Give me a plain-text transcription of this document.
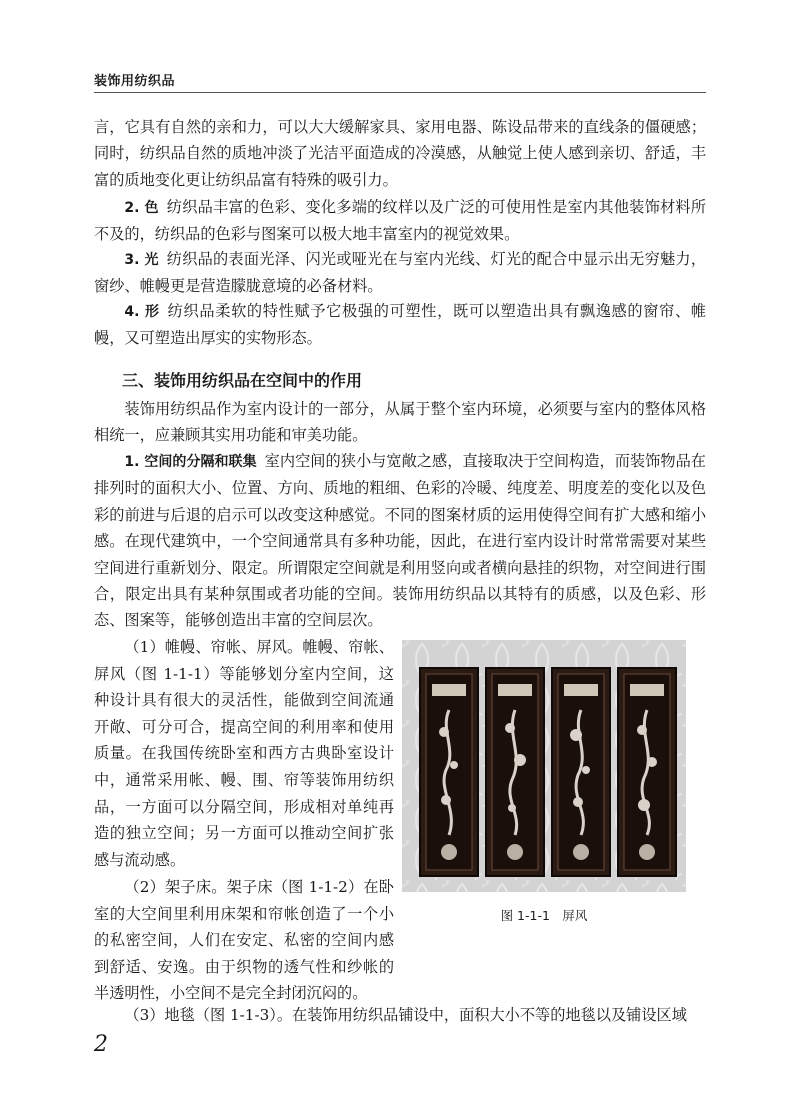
装饰用纺织品

言，它具有自然的亲和力，可以大大缓解家具、家用电器、陈设品带来的直线条的僵硬感；同时，纺织品自然的质地冲淡了光洁平面造成的冷漠感，从触觉上使人感到亲切、舒适，丰富的质地变化更让纺织品富有特殊的吸引力。

2. 色 纺织品丰富的色彩、变化多端的纹样以及广泛的可使用性是室内其他装饰材料所不及的，纺织品的色彩与图案可以极大地丰富室内的视觉效果。

3. 光 纺织品的表面光泽、闪光或哑光在与室内光线、灯光的配合中显示出无穷魅力，窗纱、帷幔更是营造朦胧意境的必备材料。

4. 形 纺织品柔软的特性赋予它极强的可塑性，既可以塑造出具有飘逸感的窗帘、帷幔，又可塑造出厚实的实物形态。

三、装饰用纺织品在空间中的作用

装饰用纺织品作为室内设计的一部分，从属于整个室内环境，必须要与室内的整体风格相统一，应兼顾其实用功能和审美功能。

1. 空间的分隔和联集 室内空间的狭小与宽敞之感，直接取决于空间构造，而装饰物品在排列时的面积大小、位置、方向、质地的粗细、色彩的冷暖、纯度差、明度差的变化以及色彩的前进与后退的启示可以改变这种感觉。不同的图案材质的运用使得空间有扩大感和缩小感。在现代建筑中，一个空间通常具有多种功能，因此，在进行室内设计时常常需要对某些空间进行重新划分、限定。所谓限定空间就是利用竖向或者横向悬挂的织物，对空间进行围合，限定出具有某种氛围或者功能的空间。装饰用纺织品以其特有的质感，以及色彩、形态、图案等，能够创造出丰富的空间层次。

（1）帷幔、帘帐、屏风。帷幔、帘帐、屏风（图 1-1-1）等能够划分室内空间，这种设计具有很大的灵活性，能做到空间流通开敞、可分可合，提高空间的利用率和使用质量。在我国传统卧室和西方古典卧室设计中，通常采用帐、幔、围、帘等装饰用纺织品，一方面可以分隔空间，形成相对单纯再造的独立空间；另一方面可以推动空间扩张感与流动感。

（2）架子床。架子床（图 1-1-2）在卧室的大空间里利用床架和帘帐创造了一个小的私密空间，人们在安定、私密的空间内感到舒适、安逸。由于织物的透气性和纱帐的半透明性，小空间不是完全封闭沉闷的。

（3）地毯（图 1-1-3）。在装饰用纺织品铺设中，面积大小不等的地毯以及铺设区域

图 1-1-1　屏风
2
